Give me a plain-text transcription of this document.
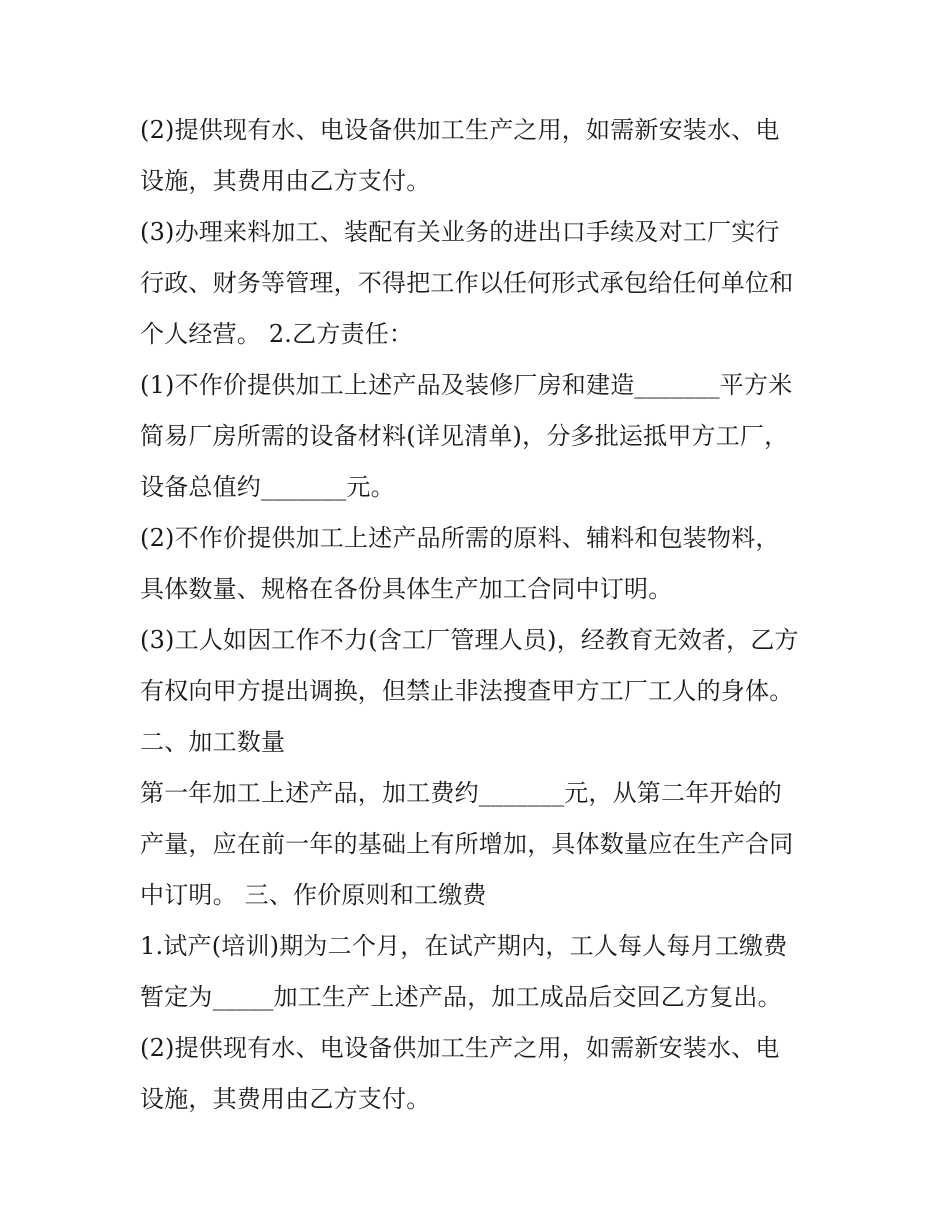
(2)提供现有水、电设备供加工生产之用，如需新安装水、电
设施，其费用由乙方支付。
(3)办理来料加工、装配有关业务的进出口手续及对工厂实行
行政、财务等管理，不得把工作以任何形式承包给任何单位和
个人经营。 2.乙方责任：
(1)不作价提供加工上述产品及装修厂房和建造_______平方米
简易厂房所需的设备材料(详见清单)，分多批运抵甲方工厂，
设备总值约_______元。
(2)不作价提供加工上述产品所需的原料、辅料和包装物料，
具体数量、规格在各份具体生产加工合同中订明。
(3)工人如因工作不力(含工厂管理人员)，经教育无效者，乙方
有权向甲方提出调换，但禁止非法搜查甲方工厂工人的身体。
二、加工数量
第一年加工上述产品，加工费约_______元，从第二年开始的
产量，应在前一年的基础上有所增加，具体数量应在生产合同
中订明。 三、作价原则和工缴费
1.试产(培训)期为二个月，在试产期内，工人每人每月工缴费
暂定为_____加工生产上述产品，加工成品后交回乙方复出。
(2)提供现有水、电设备供加工生产之用，如需新安装水、电
设施，其费用由乙方支付。
